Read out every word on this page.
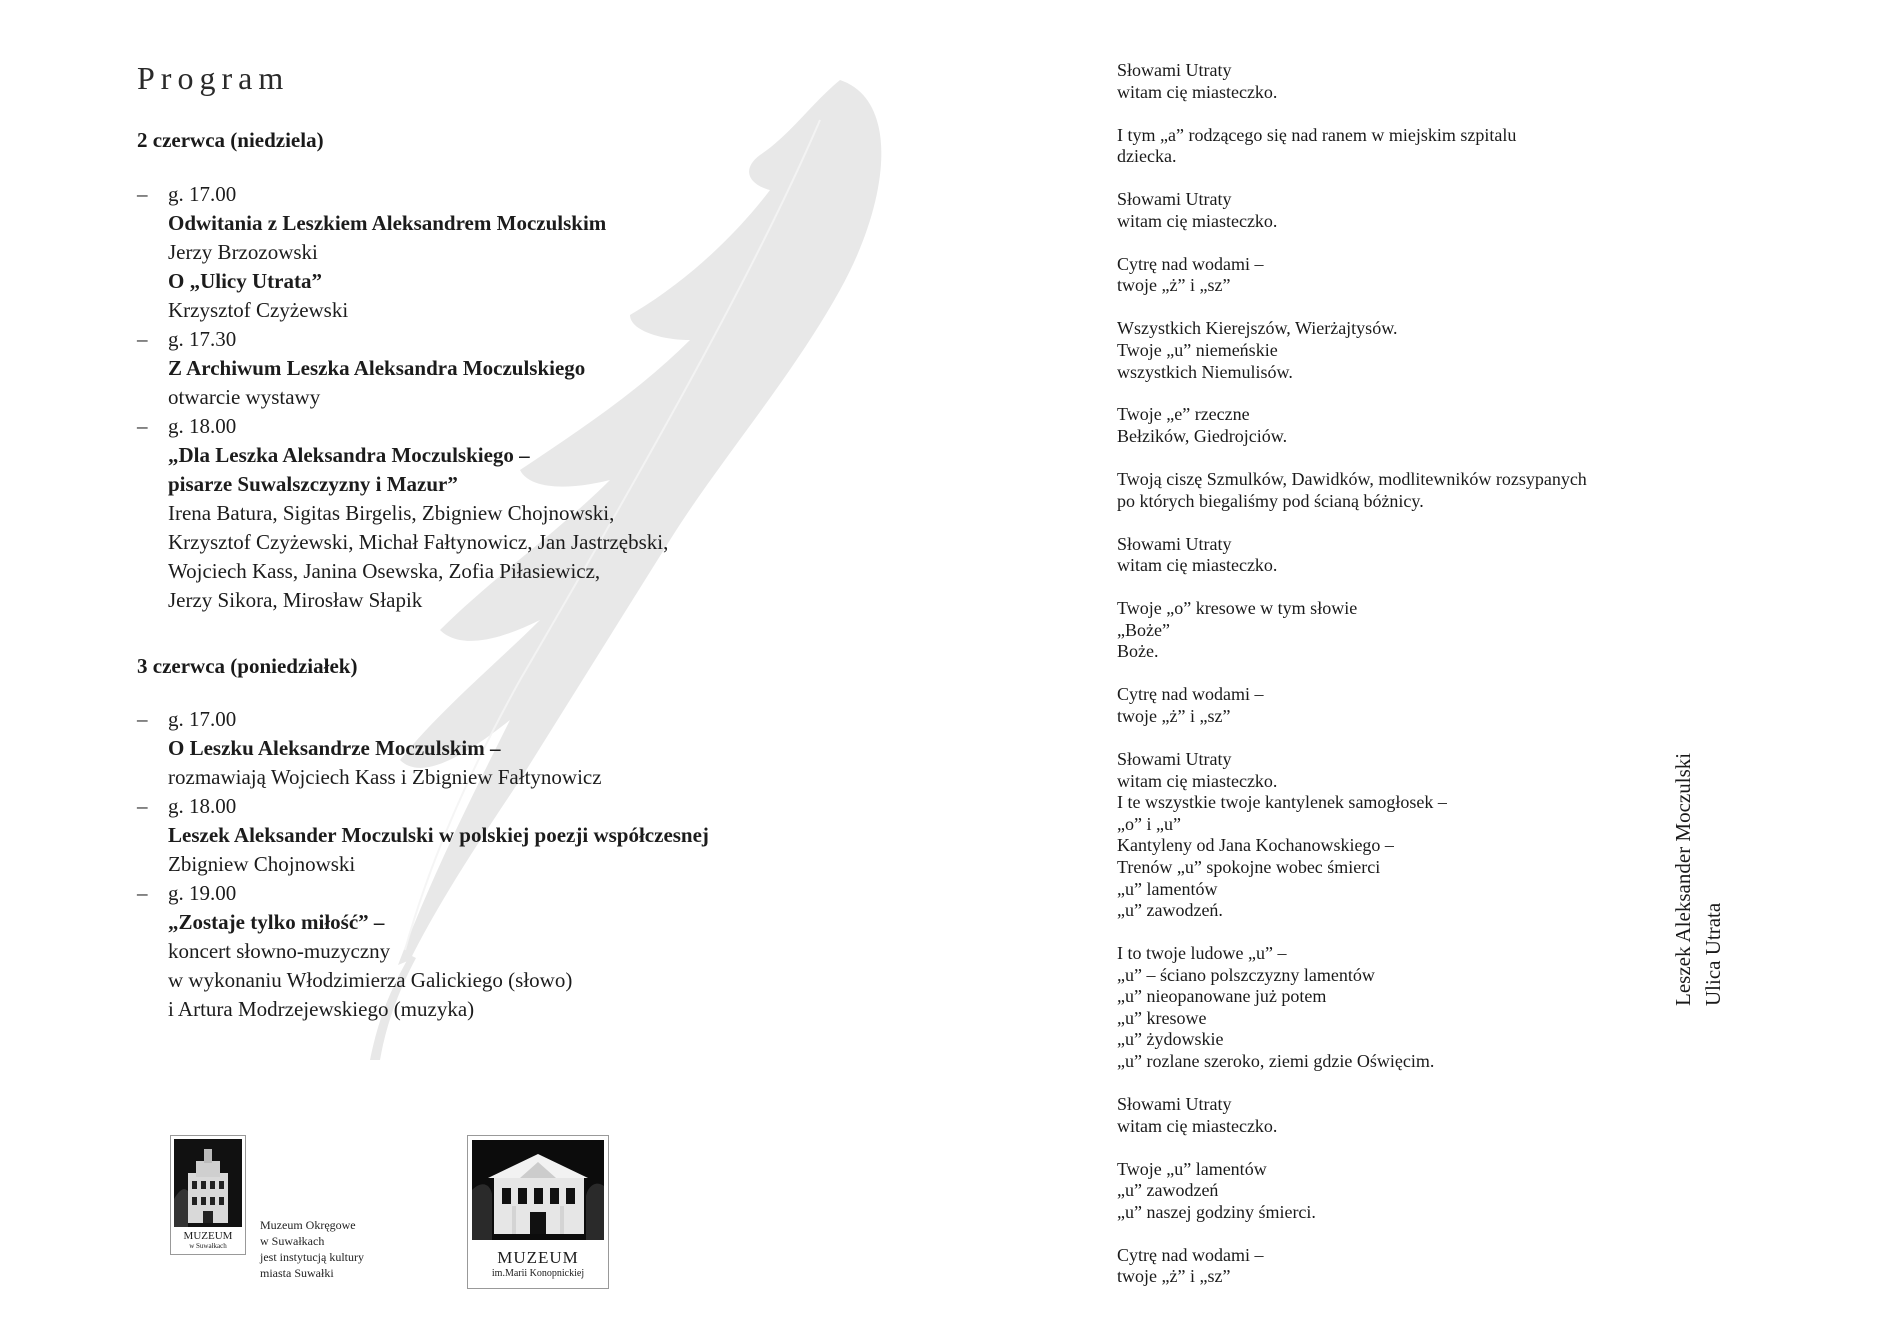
Program
2 czerwca (niedziela)
– g. 17.00
Odwitania z Leszkiem Aleksandrem Moczulskim
Jerzy Brzozowski
O „Ulicy Utrata”
Krzysztof Czyżewski
– g. 17.30
Z Archiwum Leszka Aleksandra Moczulskiego
otwarcie wystawy
– g. 18.00
„Dla Leszka Aleksandra Moczulskiego –
pisarze Suwalszczyzny i Mazur”
Irena Batura, Sigitas Birgelis, Zbigniew Chojnowski,
Krzysztof Czyżewski, Michał Fałtynowicz, Jan Jastrzębski,
Wojciech Kass, Janina Osewska, Zofia Piłasiewicz,
Jerzy Sikora, Mirosław Słapik
3 czerwca (poniedziałek)
– g. 17.00
O Leszku Aleksandrze Moczulskim –
rozmawiają Wojciech Kass i Zbigniew Fałtynowicz
– g. 18.00
Leszek Aleksander Moczulski w polskiej poezji współczesnej
Zbigniew Chojnowski
– g. 19.00
„Zostaje tylko miłość” –
koncert słowno-muzyczny
w wykonaniu Włodzimierza Galickiego (słowo)
i Artura Modrzejewskiego (muzyka)
MUZEUM
w Suwałkach
Muzeum Okręgowe
w Suwałkach
jest instytucją kultury
miasta Suwałki
MUZEUM
im.Marii Konopnickiej
Słowami Utraty
witam cię miasteczko.
I tym „a” rodzącego się nad ranem w miejskim szpitalu
dziecka.
Słowami Utraty
witam cię miasteczko.
Cytrę nad wodami –
twoje „ż” i „sz”
Wszystkich Kierejszów, Wierżajtysów.
Twoje „u” niemeńskie
wszystkich Niemulisów.
Twoje „e” rzeczne
Bełzików, Giedrojciów.
Twoją ciszę Szmulków, Dawidków, modlitewników rozsypanych
po których biegaliśmy pod ścianą bóżnicy.
Słowami Utraty
witam cię miasteczko.
Twoje „o” kresowe w tym słowie
„Boże”
Boże.
Cytrę nad wodami –
twoje „ż” i „sz”
Słowami Utraty
witam cię miasteczko.
I te wszystkie twoje kantylenek samogłosek –
„o” i „u”
Kantyleny od Jana Kochanowskiego –
Trenów „u” spokojne wobec śmierci
„u” lamentów
„u” zawodzeń.
I to twoje ludowe „u” –
„u” – ściano polszczyzny lamentów
„u” nieopanowane już potem
„u” kresowe
„u” żydowskie
„u” rozlane szeroko, ziemi gdzie Oświęcim.
Słowami Utraty
witam cię miasteczko.
Twoje „u” lamentów
„u” zawodzeń
„u” naszej godziny śmierci.
Cytrę nad wodami –
twoje „ż” i „sz”
Leszek Aleksander Moczulski Ulica Utrata
